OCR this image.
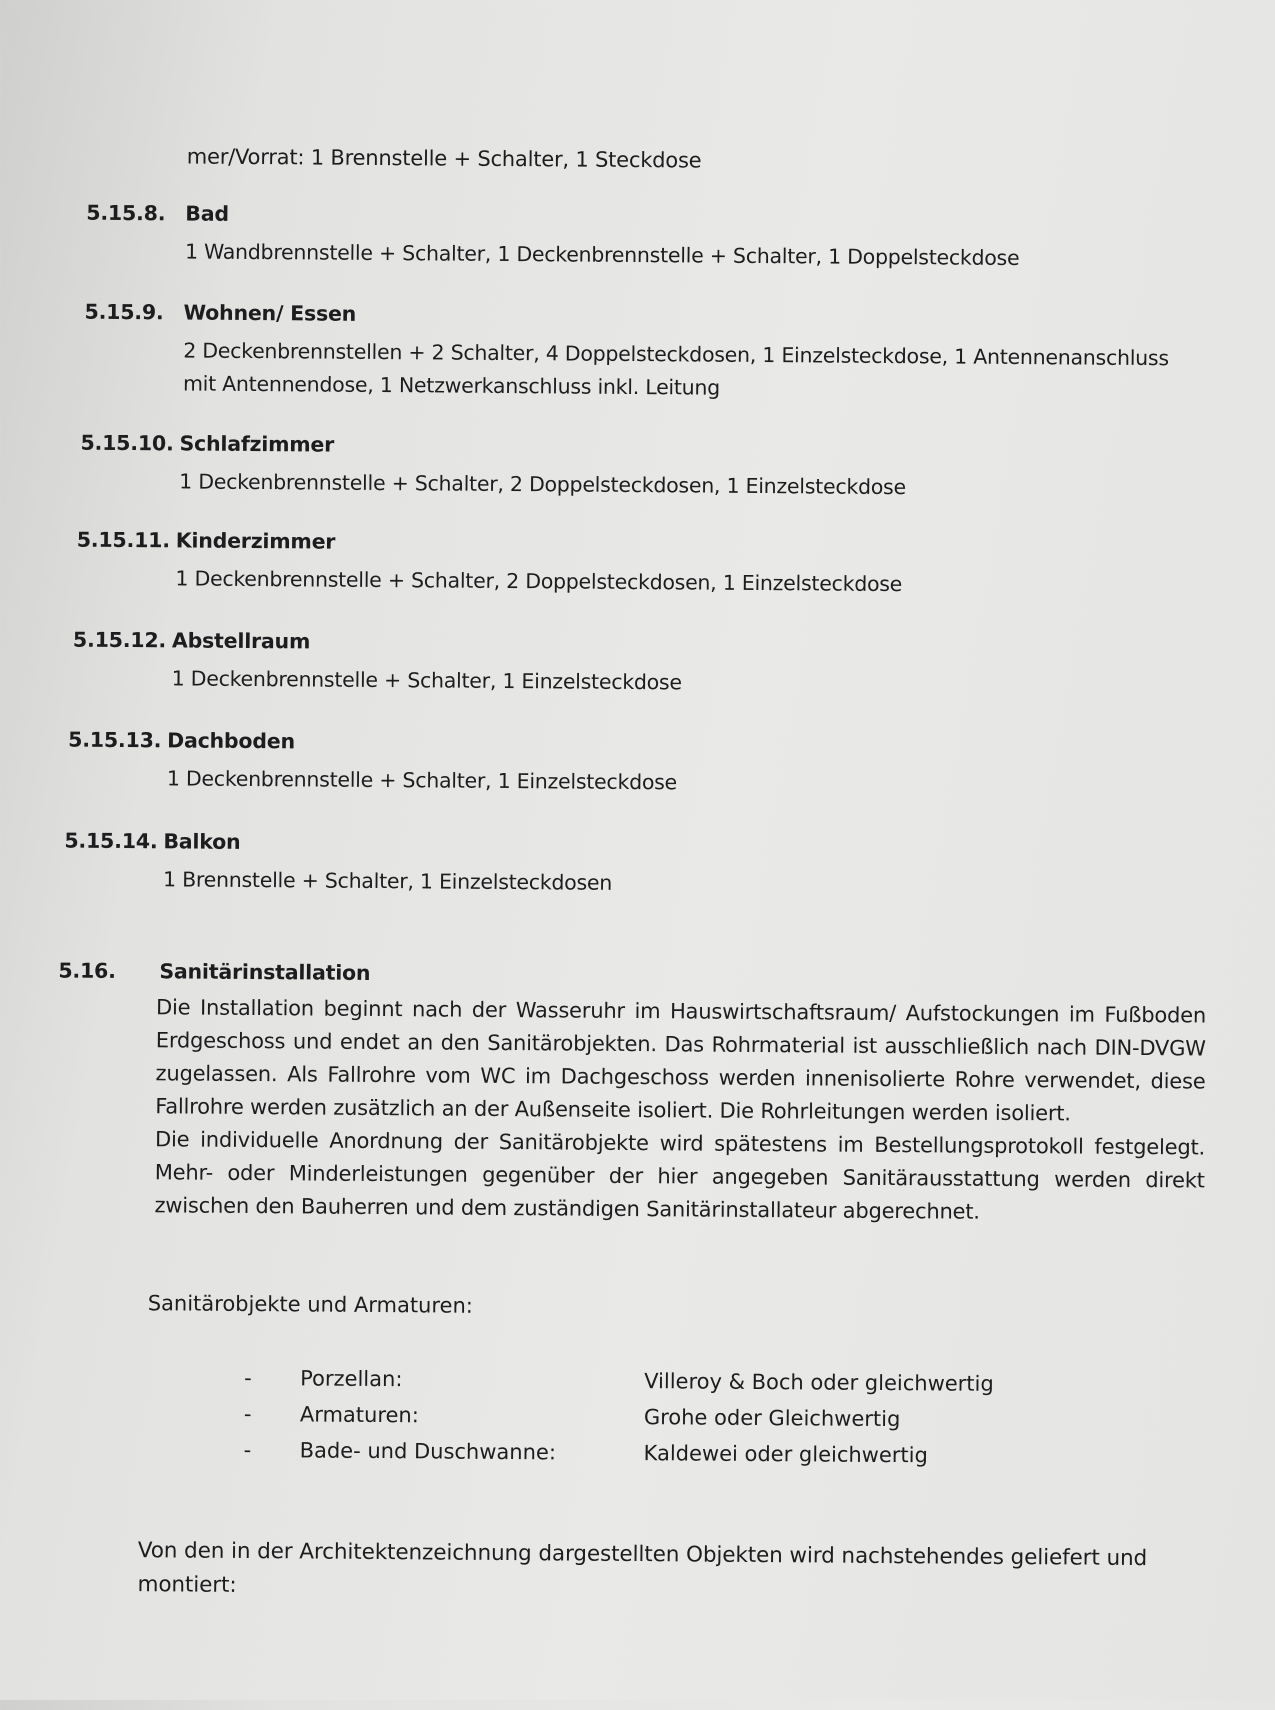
mer/Vorrat: 1 Brennstelle + Schalter, 1 Steckdose
5.15.8. Bad
1 Wandbrennstelle + Schalter, 1 Deckenbrennstelle + Schalter, 1 Doppelsteckdose
5.15.9. Wohnen/ Essen
2 Deckenbrennstellen + 2 Schalter, 4 Doppelsteckdosen, 1 Einzelsteckdose, 1 Antennenanschluss
mit Antennendose, 1 Netzwerkanschluss inkl. Leitung
5.15.10. Schlafzimmer
1 Deckenbrennstelle + Schalter, 2 Doppelsteckdosen, 1 Einzelsteckdose
5.15.11. Kinderzimmer
1 Deckenbrennstelle + Schalter, 2 Doppelsteckdosen, 1 Einzelsteckdose
5.15.12. Abstellraum
1 Deckenbrennstelle + Schalter, 1 Einzelsteckdose
5.15.13. Dachboden
1 Deckenbrennstelle + Schalter, 1 Einzelsteckdose
5.15.14. Balkon
1 Brennstelle + Schalter, 1 Einzelsteckdosen
5.16. Sanitärinstallation

Die Installation beginnt nach der Wasseruhr im Hauswirtschaftsraum/ Aufstockungen im Fußboden Erdgeschoss und endet an den Sanitärobjekten. Das Rohrmaterial ist ausschließlich nach DIN-DVGW zugelassen. Als Fallrohre vom WC im Dachgeschoss werden innenisolierte Rohre verwendet, diese Fallrohre werden zusätzlich an der Außenseite isoliert. Die Rohrleitungen werden isoliert.

Die individuelle Anordnung der Sanitärobjekte wird spätestens im Bestellungsprotokoll festgelegt. Mehr- oder Minderleistungen gegenüber der hier angegeben Sanitärausstattung werden direkt zwischen den Bauherren und dem zuständigen Sanitärinstallateur abgerechnet.

Sanitärobjekte und Armaturen:
- Porzellan:	Villeroy & Boch oder gleichwertig
- Armaturen:	Grohe oder Gleichwertig
- Bade- und Duschwanne:	Kaldewei oder gleichwertig
Von den in der Architektenzeichnung dargestellten Objekten wird nachstehendes geliefert und montiert:
